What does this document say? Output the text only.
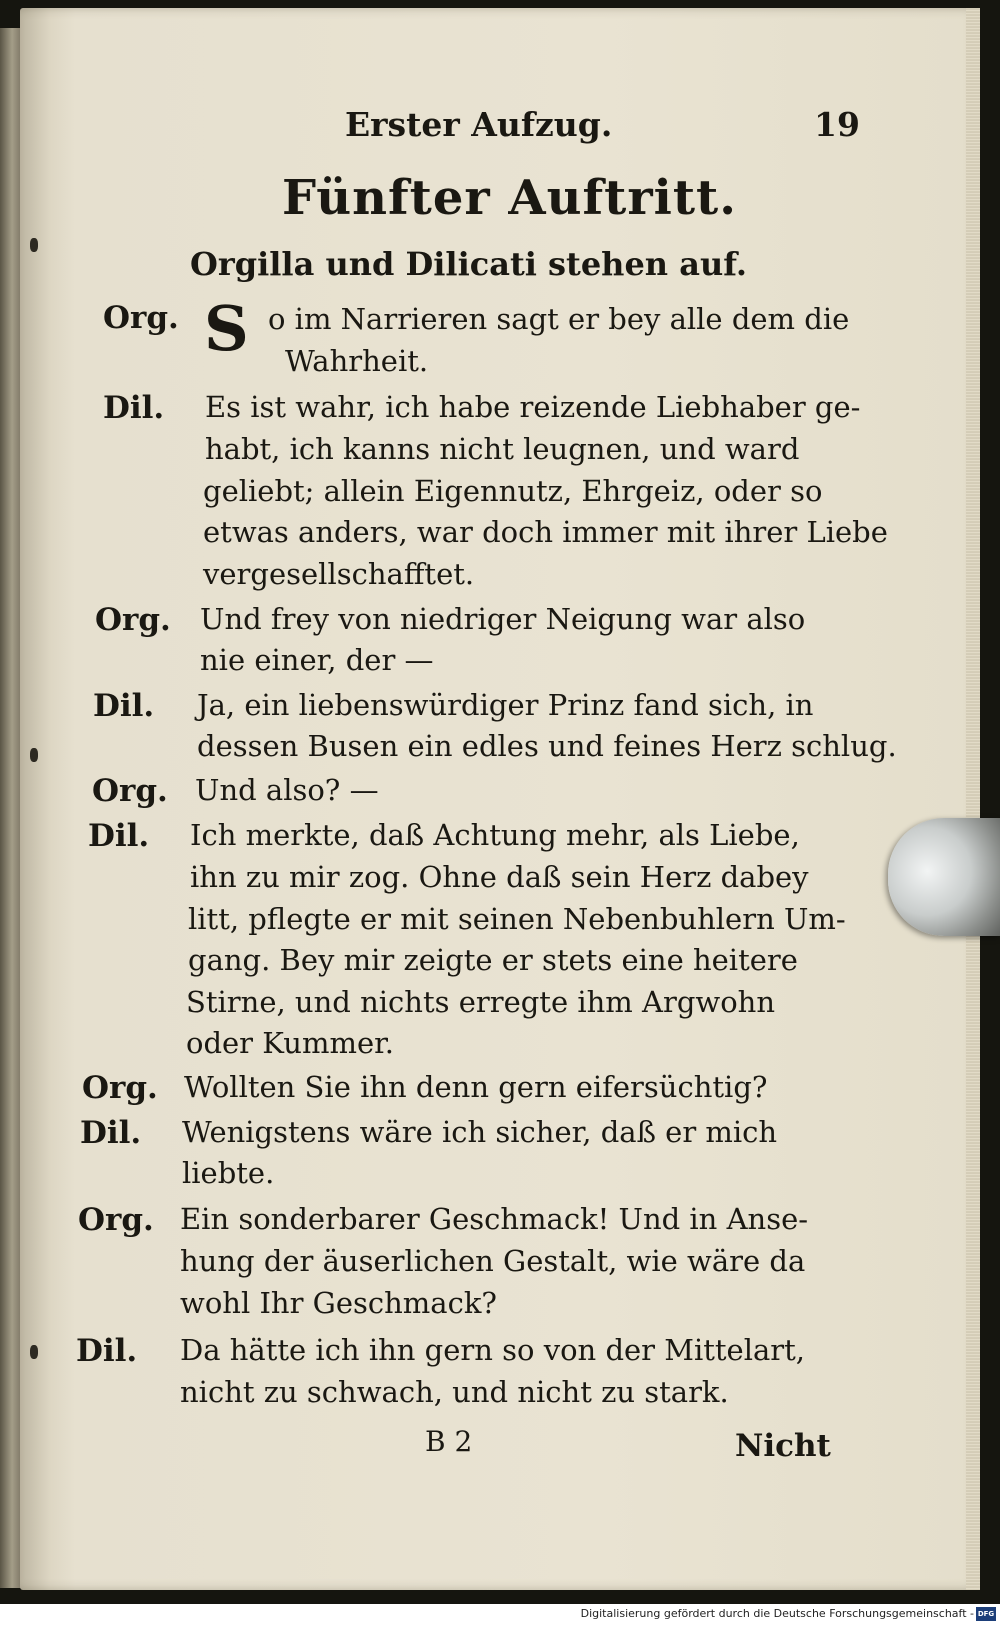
Erster Aufzug.	19
Fünfter Auftritt.
Orgilla und Dilicati stehen auf.
Org. S o im Narrieren sagt er bey alle dem die
Wahrheit.
Dil. Es ist wahr, ich habe reizende Liebhaber ge-
habt, ich kanns nicht leugnen, und ward
geliebt; allein Eigennutz, Ehrgeiz, oder so
etwas anders, war doch immer mit ihrer Liebe
vergesellschafftet.
Org. Und frey von niedriger Neigung war also
nie einer, der —
Dil. Ja, ein liebenswürdiger Prinz fand sich, in
dessen Busen ein edles und feines Herz schlug.
Org. Und also? —
Dil. Ich merkte, daß Achtung mehr, als Liebe,
ihn zu mir zog. Ohne daß sein Herz dabey
litt, pflegte er mit seinen Nebenbuhlern Um-
gang. Bey mir zeigte er stets eine heitere
Stirne, und nichts erregte ihm Argwohn
oder Kummer.
Org. Wollten Sie ihn denn gern eifersüchtig?
Dil. Wenigstens wäre ich sicher, daß er mich
liebte.
Org. Ein sonderbarer Geschmack! Und in Anse-
hung der äuserlichen Gestalt, wie wäre da
wohl Ihr Geschmack?
Dil. Da hätte ich ihn gern so von der Mittelart,
nicht zu schwach, und nicht zu stark.
B 2	Nicht
Digitalisierung gefördert durch die Deutsche Forschungsgemeinschaft - DFG
